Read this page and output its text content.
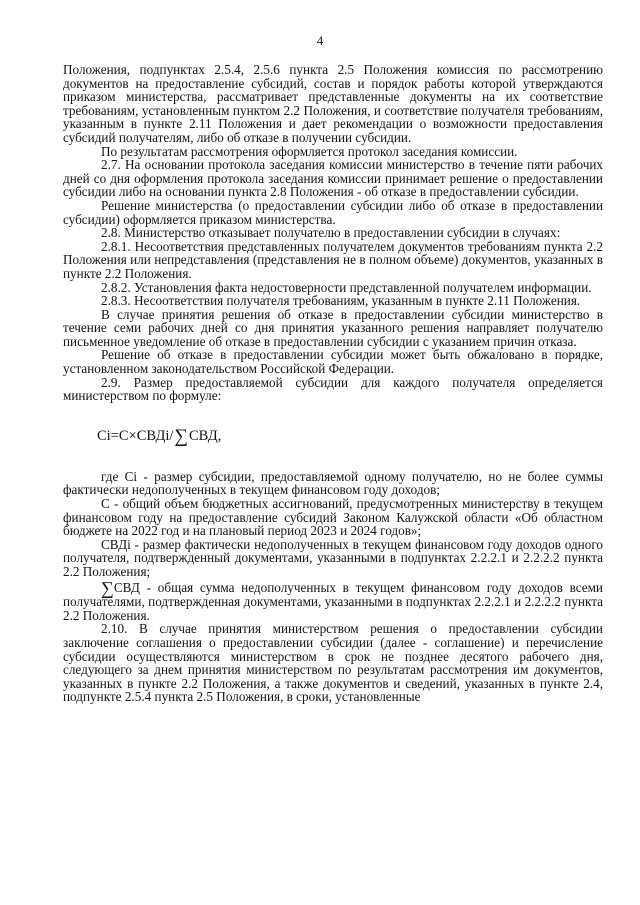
4

Положения, подпунктах 2.5.4, 2.5.6 пункта 2.5 Положения комиссия по рассмотрению документов на предоставление субсидий, состав и порядок работы которой утверждаются приказом министерства, рассматривает представленные документы на их соответствие требованиям, установленным пунктом 2.2 Положения, и соответствие получателя требованиям, указанным в пункте 2.11 Положения и дает рекомендации о возможности предоставления субсидий получателям, либо об отказе в получении субсидии.

По результатам рассмотрения оформляется протокол заседания комиссии.

2.7. На основании протокола заседания комиссии министерство в течение пяти рабочих дней со дня оформления протокола заседания комиссии принимает решение о предоставлении субсидии либо на основании пункта 2.8 Положения - об отказе в предоставлении субсидии.

Решение министерства (о предоставлении субсидии либо об отказе в предоставлении субсидии) оформляется приказом министерства.

2.8. Министерство отказывает получателю в предоставлении субсидии в случаях:

2.8.1. Несоответствия представленных получателем документов требованиям пункта 2.2 Положения или непредставления (представления не в полном объеме) документов, указанных в пункте 2.2 Положения.

2.8.2. Установления факта недостоверности представленной получателем информации.

2.8.3. Несоответствия получателя требованиям, указанным в пункте 2.11 Положения.

В случае принятия решения об отказе в предоставлении субсидии министерство в течение семи рабочих дней со дня принятия указанного решения направляет получателю письменное уведомление об отказе в предоставлении субсидии с указанием причин отказа.

Решение об отказе в предоставлении субсидии может быть обжаловано в порядке, установленном законодательством Российской Федерации.

2.9. Размер предоставляемой субсидии для каждого получателя определяется министерством по формуле:

Ci=C×СВДi/∑СВД,

где Ci - размер субсидии, предоставляемой одному получателю, но не более суммы фактически недополученных в текущем финансовом году доходов;

С - общий объем бюджетных ассигнований, предусмотренных министерству в текущем финансовом году на предоставление субсидий Законом Калужской области «Об областном бюджете на 2022 год и на плановый период 2023 и 2024 годов»;

СВДi - размер фактически недополученных в текущем финансовом году доходов одного получателя, подтвержденный документами, указанными в подпунктах 2.2.2.1 и 2.2.2.2 пункта 2.2 Положения;

∑СВД - общая сумма недополученных в текущем финансовом году доходов всеми получателями, подтвержденная документами, указанными в подпунктах 2.2.2.1 и 2.2.2.2 пункта 2.2 Положения.

2.10. В случае принятия министерством решения о предоставлении субсидии заключение соглашения о предоставлении субсидии (далее - соглашение) и перечисление субсидии осуществляются министерством в срок не позднее десятого рабочего дня, следующего за днем принятия министерством по результатам рассмотрения им документов, указанных в пункте 2.2 Положения, а также документов и сведений, указанных в пункте 2.4, подпункте 2.5.4 пункта 2.5 Положения, в сроки, установленные
